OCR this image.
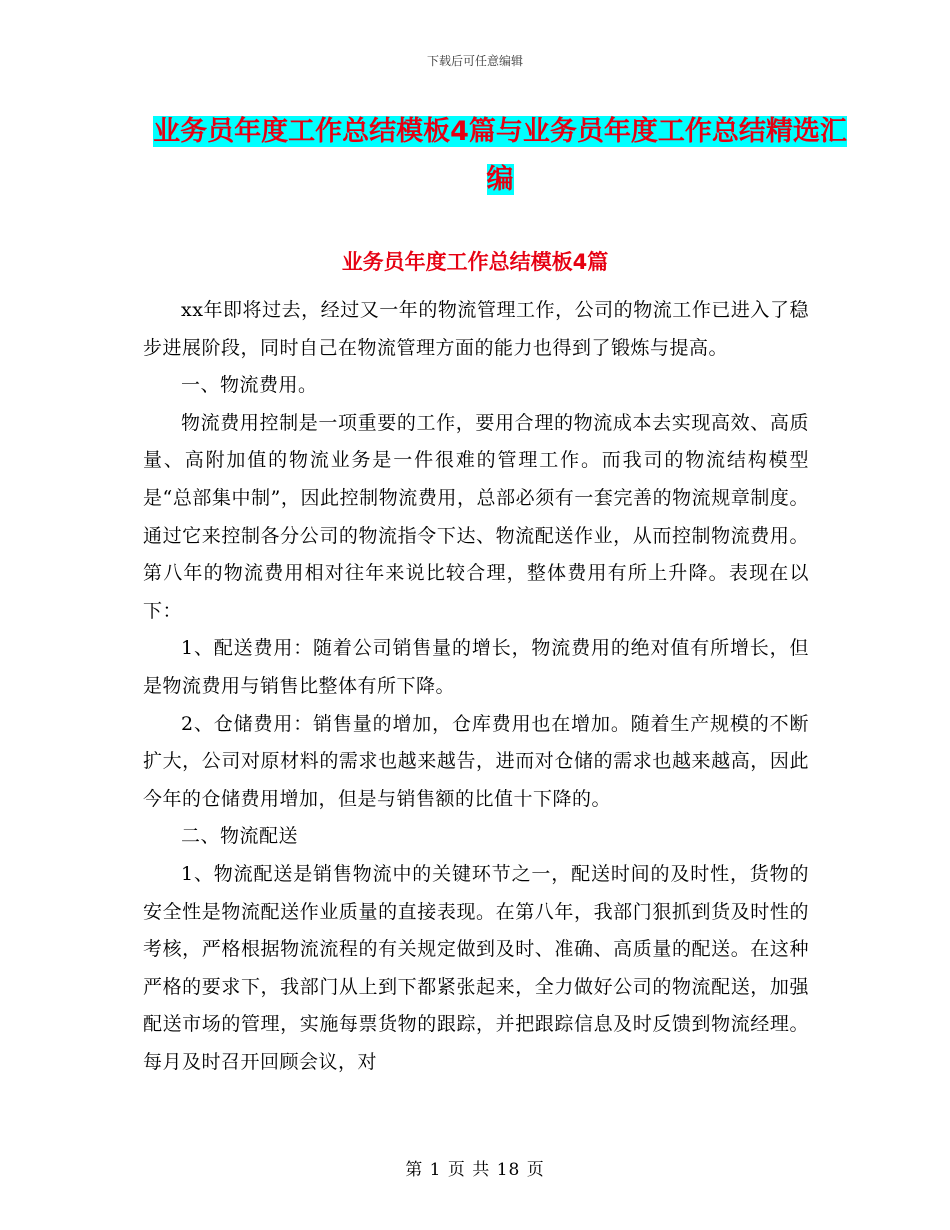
下载后可任意编辑
业务员年度工作总结模板4篇与业务员年度工作总结精选汇编
业务员年度工作总结模板4篇

xx年即将过去，经过又一年的物流管理工作，公司的物流工作已进入了稳步进展阶段，同时自己在物流管理方面的能力也得到了锻炼与提高。

一、物流费用。

物流费用控制是一项重要的工作，要用合理的物流成本去实现高效、高质量、高附加值的物流业务是一件很难的管理工作。而我司的物流结构模型是“总部集中制”，因此控制物流费用，总部必须有一套完善的物流规章制度。通过它来控制各分公司的物流指令下达、物流配送作业，从而控制物流费用。第八年的物流费用相对往年来说比较合理，整体费用有所上升降。表现在以下：

1、配送费用：随着公司销售量的增长，物流费用的绝对值有所增长，但是物流费用与销售比整体有所下降。

2、仓储费用：销售量的增加，仓库费用也在增加。随着生产规模的不断扩大，公司对原材料的需求也越来越告，进而对仓储的需求也越来越高，因此今年的仓储费用增加，但是与销售额的比值十下降的。

二、物流配送

1、物流配送是销售物流中的关键环节之一，配送时间的及时性，货物的安全性是物流配送作业质量的直接表现。在第八年，我部门狠抓到货及时性的考核，严格根据物流流程的有关规定做到及时、准确、高质量的配送。在这种严格的要求下，我部门从上到下都紧张起来，全力做好公司的物流配送，加强配送市场的管理，实施每票货物的跟踪，并把跟踪信息及时反馈到物流经理。每月及时召开回顾会议，对

第 1 页 共 18 页
